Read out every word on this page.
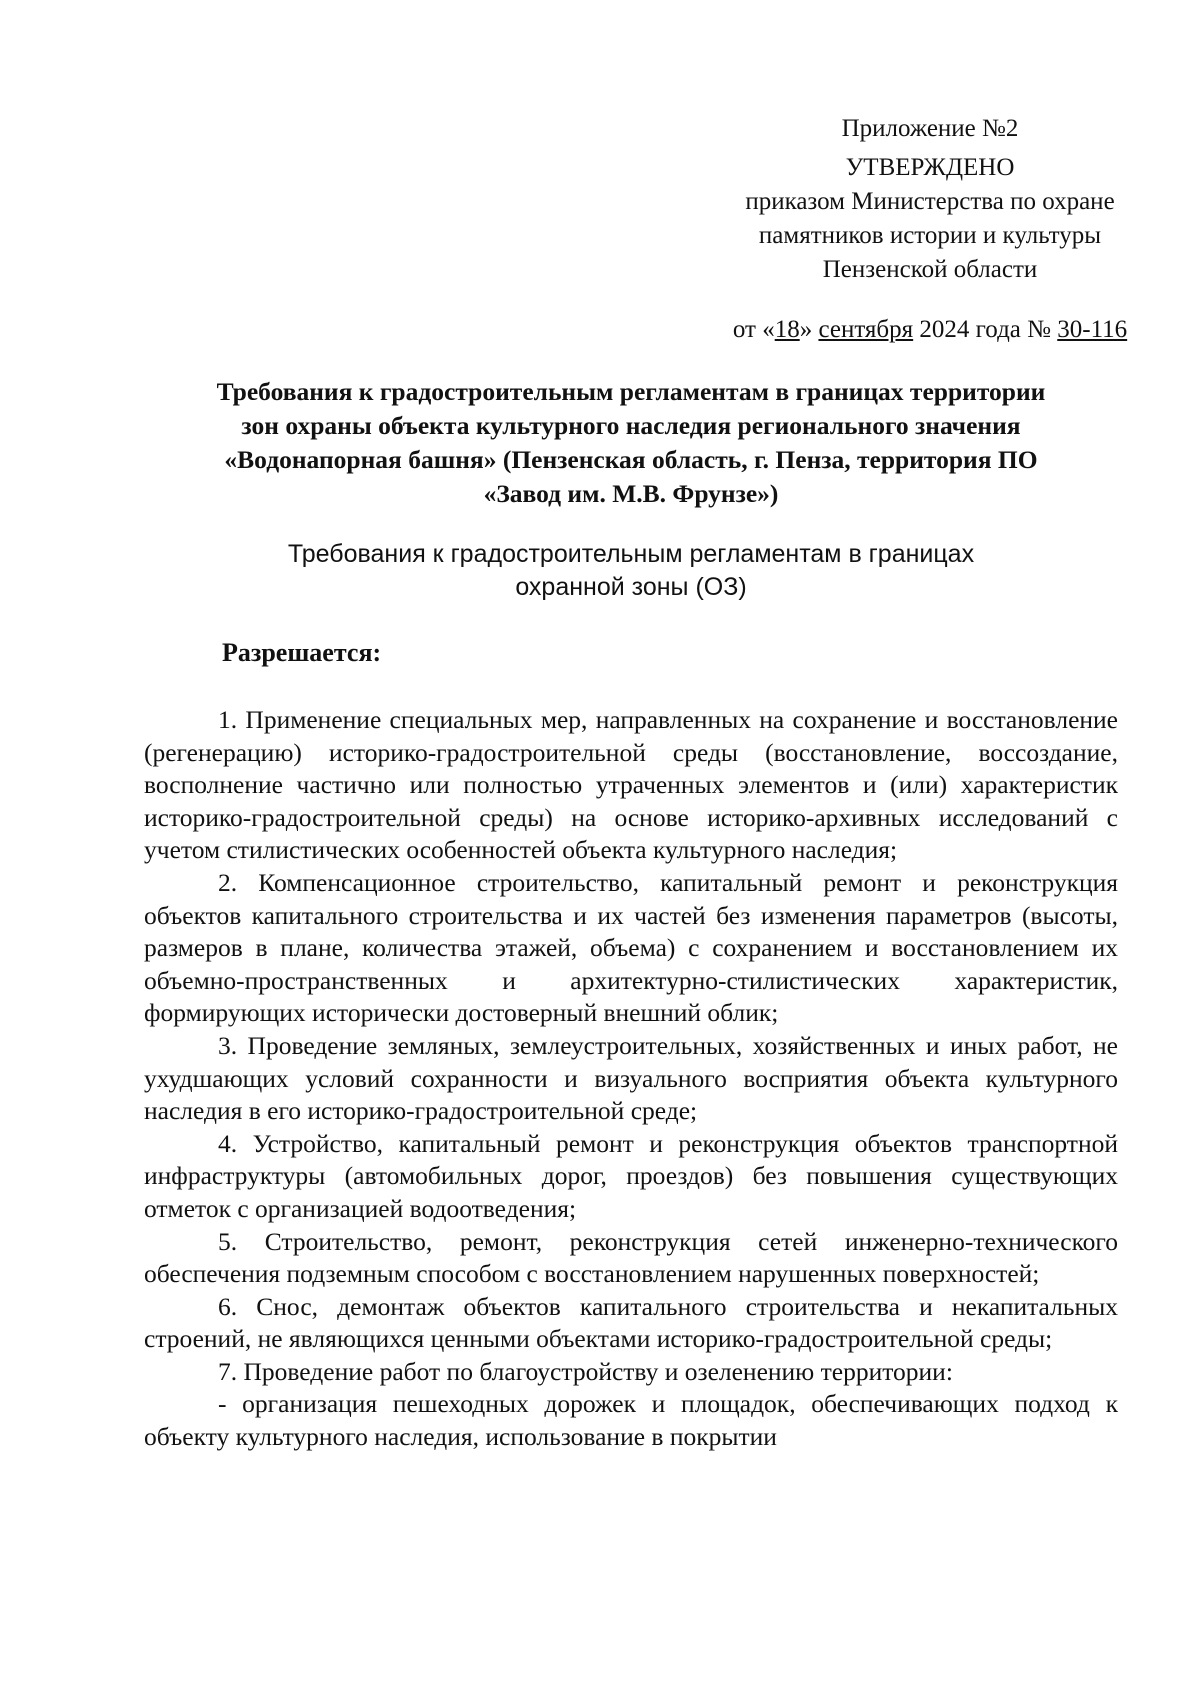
Приложение №2
УТВЕРЖДЕНО
приказом Министерства по охране
памятников истории и культуры
Пензенской области
от «18» сентября 2024 года № 30-116
Требования к градостроительным регламентам в границах территории
зон охраны объекта культурного наследия регионального значения
«Водонапорная башня» (Пензенская область, г. Пенза, территория ПО
«Завод им. М.В. Фрунзе»)
Требования к градостроительным регламентам в границах
охранной зоны (ОЗ)
Разрешается:

1. Применение специальных мер, направленных на сохранение и восстановление (регенерацию) историко-градостроительной среды (восстановление, воссоздание, восполнение частично или полностью утраченных элементов и (или) характеристик историко-градостроительной среды) на основе историко-архивных исследований с учетом стилистических особенностей объекта культурного наследия;

2. Компенсационное строительство, капитальный ремонт и реконструкция объектов капитального строительства и их частей без изменения параметров (высоты, размеров в плане, количества этажей, объема) с сохранением и восстановлением их объемно-пространственных и архитектурно-стилистических характеристик, формирующих исторически достоверный внешний облик;

3. Проведение земляных, землеустроительных, хозяйственных и иных работ, не ухудшающих условий сохранности и визуального восприятия объекта культурного наследия в его историко-градостроительной среде;

4. Устройство, капитальный ремонт и реконструкция объектов транспортной инфраструктуры (автомобильных дорог, проездов) без повышения существующих отметок с организацией водоотведения;

5. Строительство, ремонт, реконструкция сетей инженерно-технического обеспечения подземным способом с восстановлением нарушенных поверхностей;

6. Снос, демонтаж объектов капитального строительства и некапитальных строений, не являющихся ценными объектами историко-градостроительной среды;

7. Проведение работ по благоустройству и озеленению территории:

- организация пешеходных дорожек и площадок, обеспечивающих подход к объекту культурного наследия, использование в покрытии
